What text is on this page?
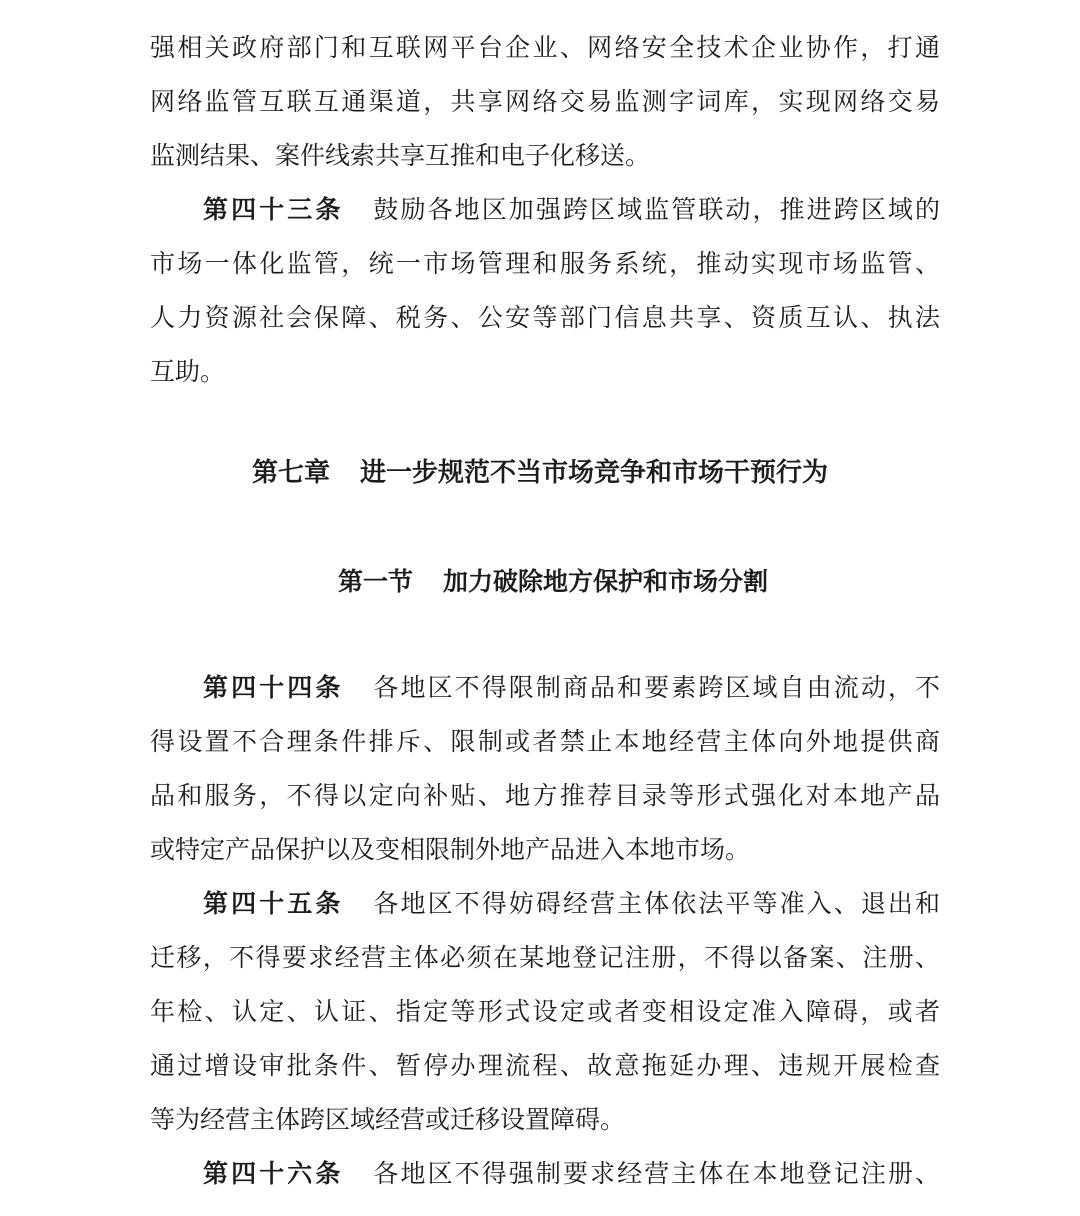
强相关政府部门和互联网平台企业、网络安全技术企业协作，打通
网络监管互联互通渠道，共享网络交易监测字词库，实现网络交易
监测结果、案件线索共享互推和电子化移送。
第四十三条 鼓励各地区加强跨区域监管联动，推进跨区域的
市场一体化监管，统一市场管理和服务系统，推动实现市场监管、
人力资源社会保障、税务、公安等部门信息共享、资质互认、执法
互助。
第七章 进一步规范不当市场竞争和市场干预行为
第一节 加力破除地方保护和市场分割
第四十四条 各地区不得限制商品和要素跨区域自由流动，不
得设置不合理条件排斥、限制或者禁止本地经营主体向外地提供商
品和服务，不得以定向补贴、地方推荐目录等形式强化对本地产品
或特定产品保护以及变相限制外地产品进入本地市场。
第四十五条 各地区不得妨碍经营主体依法平等准入、退出和
迁移，不得要求经营主体必须在某地登记注册，不得以备案、注册、
年检、认定、认证、指定等形式设定或者变相设定准入障碍，或者
通过增设审批条件、暂停办理流程、故意拖延办理、违规开展检查
等为经营主体跨区域经营或迁移设置障碍。
第四十六条 各地区不得强制要求经营主体在本地登记注册、
